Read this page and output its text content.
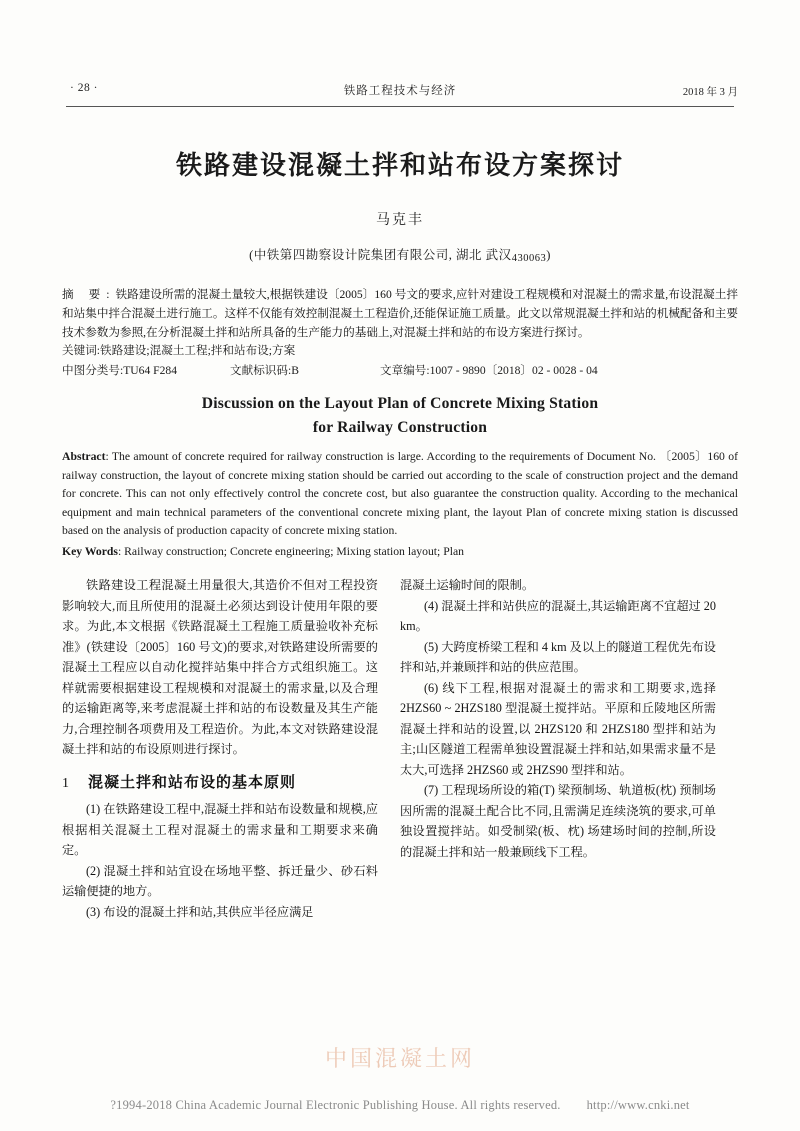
· 28 ·	铁路工程技术与经济	2018 年 3 月
铁路建设混凝土拌和站布设方案探讨
马克丰
(中铁第四勘察设计院集团有限公司, 湖北 武汉430063)
摘 要:铁路建设所需的混凝土量较大,根据铁建设〔2005〕160 号文的要求,应针对建设工程规模和对混凝土的需求量,布设混凝土拌和站集中拌合混凝土进行施工。这样不仅能有效控制混凝土工程造价,还能保证施工质量。此文以常规混凝土拌和站的机械配备和主要技术参数为参照,在分析混凝土拌和站所具备的生产能力的基础上,对混凝土拌和站的布设方案进行探讨。
关键词:铁路建设;混凝土工程;拌和站布设;方案
中图分类号:TU64 F284	文献标识码:B	文章编号:1007 - 9890〔2018〕02 - 0028 - 04
Discussion on the Layout Plan of Concrete Mixing Station
for Railway Construction
Abstract: The amount of concrete required for railway construction is large. According to the requirements of Document No. 〔2005〕160 of railway construction, the layout of concrete mixing station should be carried out according to the scale of construction project and the demand for concrete. This can not only effectively control the concrete cost, but also guarantee the construction quality. According to the mechanical equipment and main technical parameters of the conventional concrete mixing plant, the layout Plan of concrete mixing station is discussed based on the analysis of production capacity of concrete mixing station.
Key Words: Railway construction; Concrete engineering; Mixing station layout; Plan

铁路建设工程混凝土用量很大,其造价不但对工程投资影响较大,而且所使用的混凝土必须达到设计使用年限的要求。为此,本文根据《铁路混凝土工程施工质量验收补充标准》(铁建设〔2005〕160 号文)的要求,对铁路建设所需要的混凝土工程应以自动化搅拌站集中拌合方式组织施工。这样就需要根据建设工程规模和对混凝土的需求量,以及合理的运输距离等,来考虑混凝土拌和站的布设数量及其生产能力,合理控制各项费用及工程造价。为此,本文对铁路建设混凝土拌和站的布设原则进行探讨。

1	混凝土拌和站布设的基本原则

(1) 在铁路建设工程中,混凝土拌和站布设数量和规模,应根据相关混凝土工程对混凝土的需求量和工期要求来确定。

(2) 混凝土拌和站宜设在场地平整、拆迁量少、砂石料运输便捷的地方。

(3) 布设的混凝土拌和站,其供应半径应满足

混凝土运输时间的限制。

(4) 混凝土拌和站供应的混凝土,其运输距离不宜超过 20 km。

(5) 大跨度桥梁工程和 4 km 及以上的隧道工程优先布设拌和站,并兼顾拌和站的供应范围。

(6) 线下工程,根据对混凝土的需求和工期要求,选择 2HZS60 ~ 2HZS180 型混凝土搅拌站。平原和丘陵地区所需混凝土拌和站的设置,以 2HZS120 和 2HZS180 型拌和站为主;山区隧道工程需单独设置混凝土拌和站,如果需求量不是太大,可选择 2HZS60 或 2HZS90 型拌和站。

(7) 工程现场所设的箱(T) 梁预制场、轨道板(枕) 预制场因所需的混凝土配合比不同,且需满足连续浇筑的要求,可单独设置搅拌站。如受制梁(板、枕) 场建场时间的控制,所设的混凝土拌和站一般兼顾线下工程。

中国混凝土网
?1994-2018 China Academic Journal Electronic Publishing House. All rights reserved. http://www.cnki.net
